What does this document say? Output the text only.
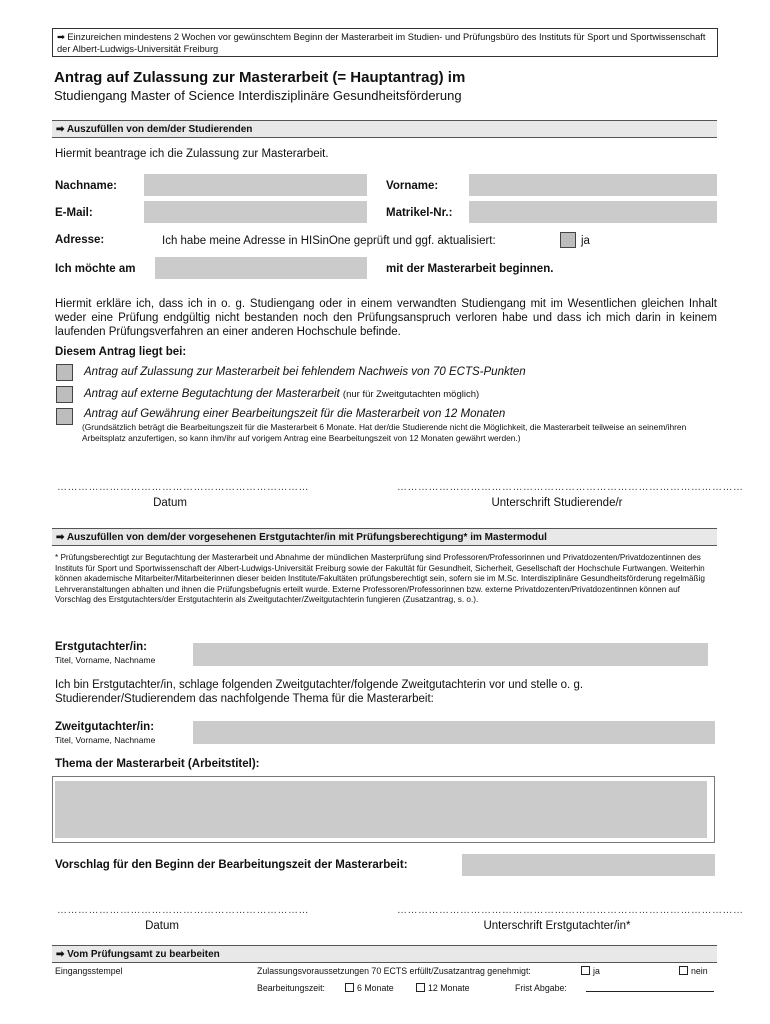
➡ Einzureichen mindestens 2 Wochen vor gewünschtem Beginn der Masterarbeit im Studien- und Prüfungsbüro des Instituts für Sport und Sportwissenschaft der Albert-Ludwigs-Universität Freiburg
Antrag auf Zulassung zur Masterarbeit (= Hauptantrag) im
Studiengang Master of Science Interdisziplinäre Gesundheitsförderung
➡ Auszufüllen von dem/der Studierenden
Hiermit beantrage ich die Zulassung zur Masterarbeit.
Nachname:	Vorname:
E-Mail:	Matrikel-Nr.:
Adresse:	Ich habe meine Adresse in HISinOne geprüft und ggf. aktualisiert:	ja
Ich möchte am	mit der Masterarbeit beginnen.
Hiermit erkläre ich, dass ich in o. g. Studiengang oder in einem verwandten Studiengang mit im Wesentlichen gleichen Inhalt weder eine Prüfung endgültig nicht bestanden noch den Prüfungsanspruch verloren habe und dass ich mich darin in keinem laufenden Prüfungsverfahren an einer anderen Hochschule befinde.
Diesem Antrag liegt bei:
Antrag auf Zulassung zur Masterarbeit bei fehlendem Nachweis von 70 ECTS-Punkten
Antrag auf externe Begutachtung der Masterarbeit (nur für Zweitgutachten möglich)
Antrag auf Gewährung einer Bearbeitungszeit für die Masterarbeit von 12 Monaten
(Grundsätzlich beträgt die Bearbeitungszeit für die Masterarbeit 6 Monate. Hat der/die Studierende nicht die Möglichkeit, die Masterarbeit teilweise an seinem/ihren Arbeitsplatz anzufertigen, so kann ihm/ihr auf vorigem Antrag eine Bearbeitungszeit von 12 Monaten gewährt werden.)
………………………………………………………………	………………………………………………………………………………………
Datum	Unterschrift Studierende/r
➡ Auszufüllen von dem/der vorgesehenen Erstgutachter/in mit Prüfungsberechtigung* im Mastermodul
* Prüfungsberechtigt zur Begutachtung der Masterarbeit und Abnahme der mündlichen Masterprüfung sind Professoren/Professorinnen und Privatdozenten/Privatdozentinnen des Instituts für Sport und Sportwissenschaft der Albert-Ludwigs-Universität Freiburg sowie der Fakultät für Gesundheit, Sicherheit, Gesellschaft der Hochschule Furtwangen. Weiterhin können akademische Mitarbeiter/Mitarbeiterinnen dieser beiden Institute/Fakultäten prüfungsberechtigt sein, sofern sie im M.Sc. Interdisziplinäre Gesundheitsförderung regelmäßig Lehrveranstaltungen abhalten und ihnen die Prüfungsbefugnis erteilt wurde. Externe Professoren/Professorinnen bzw. externe Privatdozenten/Privatdozentinnen können auf Vorschlag des Erstgutachters/der Erstgutachterin als Zweitgutachter/Zweitgutachterin fungieren (Zusatzantrag, s. o.).
Erstgutachter/in:
Titel, Vorname, Nachname
Ich bin Erstgutachter/in, schlage folgenden Zweitgutachter/folgende Zweitgutachterin vor und stelle o. g. Studierender/Studierendem das nachfolgende Thema für die Masterarbeit:
Zweitgutachter/in:
Titel, Vorname, Nachname
Thema der Masterarbeit (Arbeitstitel):
Vorschlag für den Beginn der Bearbeitungszeit der Masterarbeit:
………………………………………………………………	………………………………………………………………………………………
Datum	Unterschrift Erstgutachter/in*
➡ Vom Prüfungsamt zu bearbeiten
Eingangsstempel	Zulassungsvoraussetzungen 70 ECTS erfüllt/Zusatzantrag genehmigt:	ja	nein
Bearbeitungszeit:	6 Monate	12 Monate	Frist Abgabe:
